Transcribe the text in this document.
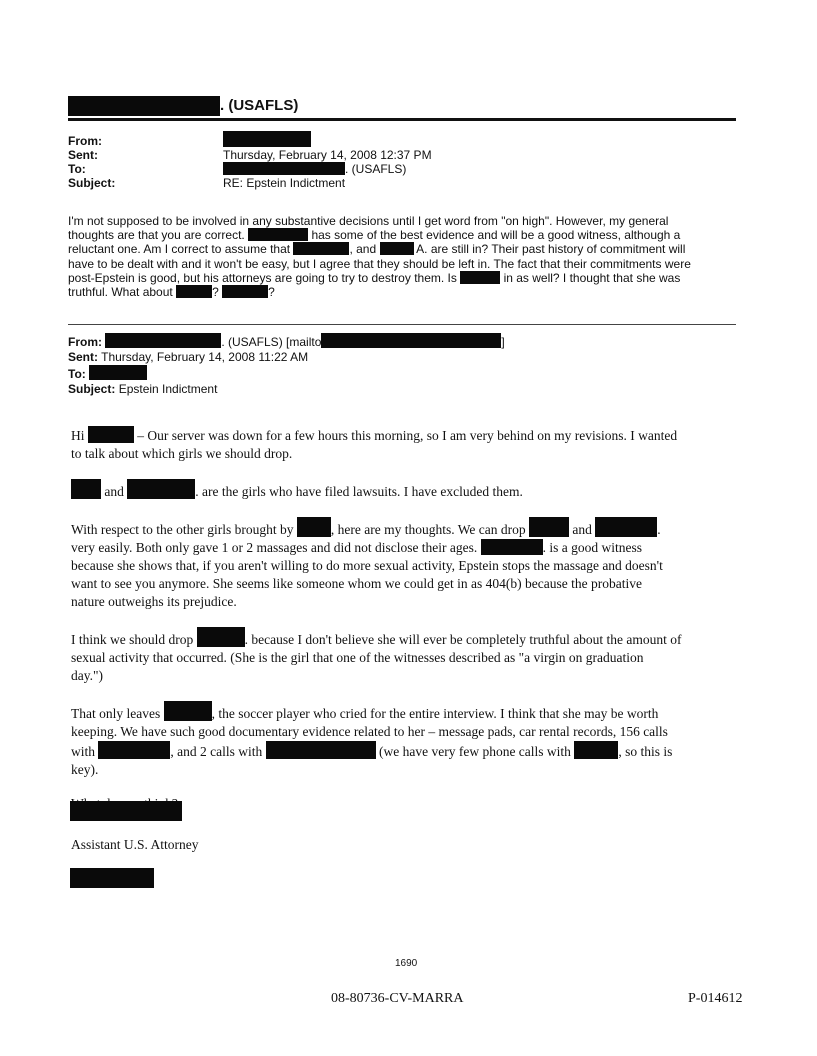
. (USAFLS)
From:
Sent:	Thursday, February 14, 2008 12:37 PM
To:	. (USAFLS)
Subject:	RE: Epstein Indictment
I'm not supposed to be involved in any substantive decisions until I get word from "on high". However, my general
thoughts are that you are correct.	has some of the best evidence and will be a good witness, although a
reluctant one. Am I correct to assume that	, and	A. are still in? Their past history of commitment will
have to be dealt with and it won't be easy, but I agree that they should be left in. The fact that their commitments were
post-Epstein is good, but his attorneys are going to try to destroy them. Is	in as well? I thought that she was
truthful. What about	?	?
From:	. (USAFLS) [mailto	]
Sent: Thursday, February 14, 2008 11:22 AM
To:
Subject: Epstein Indictment
Hi	– Our server was down for a few hours this morning, so I am very behind on my revisions. I wanted
to talk about which girls we should drop.
and	. are the girls who have filed lawsuits. I have excluded them.
With respect to the other girls brought by	, here are my thoughts. We can drop	and	.
very easily. Both only gave 1 or 2 massages and did not disclose their ages.	. is a good witness
because she shows that, if you aren't willing to do more sexual activity, Epstein stops the massage and doesn't
want to see you anymore. She seems like someone whom we could get in as 404(b) because the probative
nature outweighs its prejudice.
I think we should drop	. because I don't believe she will ever be completely truthful about the amount of
sexual activity that occurred. (She is the girl that one of the witnesses described as "a virgin on graduation
day.")
That only leaves	, the soccer player who cried for the entire interview. I think that she may be worth
keeping. We have such good documentary evidence related to her – message pads, car rental records, 156 calls
with	, and 2 calls with	(we have very few phone calls with	, so this is
key).
Assistant U.S. Attorney
1690
08-80736-CV-MARRA	P-014612
